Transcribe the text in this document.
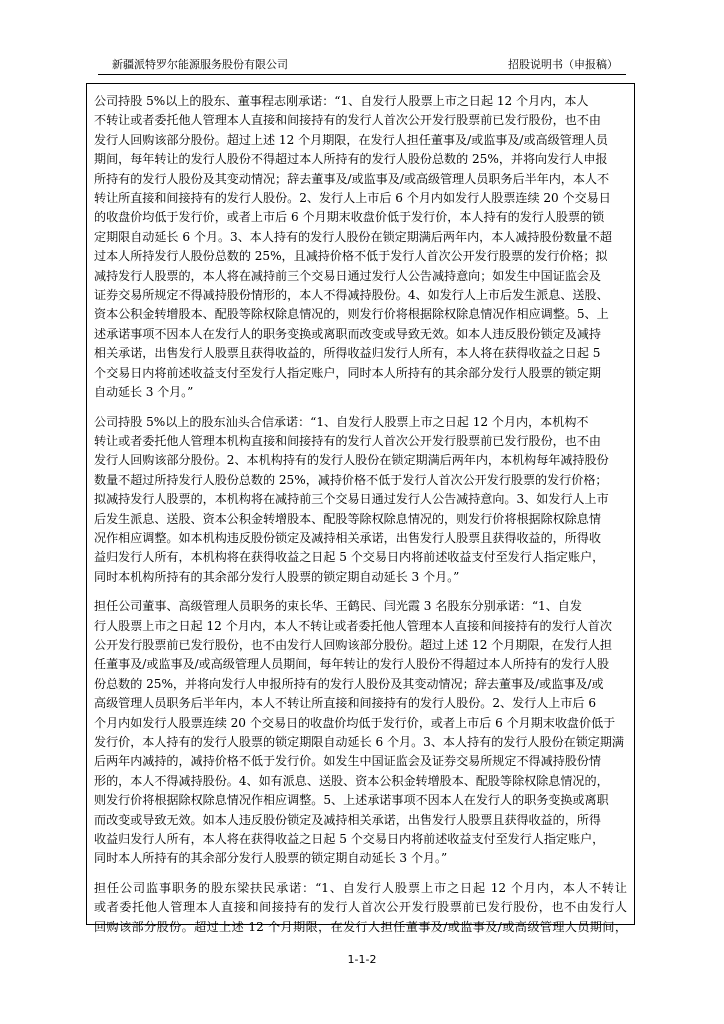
新疆派特罗尔能源服务股份有限公司	招股说明书（申报稿）
公司持股 5%以上的股东、董事程志刚承诺：“1、自发行人股票上市之日起 12 个月内，本人
不转让或者委托他人管理本人直接和间接持有的发行人首次公开发行股票前已发行股份，也不由
发行人回购该部分股份。超过上述 12 个月期限，在发行人担任董事及/或监事及/或高级管理人员
期间，每年转让的发行人股份不得超过本人所持有的发行人股份总数的 25%，并将向发行人申报
所持有的发行人股份及其变动情况；辞去董事及/或监事及/或高级管理人员职务后半年内，本人不
转让所直接和间接持有的发行人股份。2、发行人上市后 6 个月内如发行人股票连续 20 个交易日
的收盘价均低于发行价，或者上市后 6 个月期末收盘价低于发行价，本人持有的发行人股票的锁
定期限自动延长 6 个月。3、本人持有的发行人股份在锁定期满后两年内，本人减持股份数量不超
过本人所持发行人股份总数的 25%，且减持价格不低于发行人首次公开发行股票的发行价格；拟
减持发行人股票的，本人将在减持前三个交易日通过发行人公告减持意向；如发生中国证监会及
证券交易所规定不得减持股份情形的，本人不得减持股份。4、如发行人上市后发生派息、送股、
资本公积金转增股本、配股等除权除息情况的，则发行价将根据除权除息情况作相应调整。5、上
述承诺事项不因本人在发行人的职务变换或离职而改变或导致无效。如本人违反股份锁定及减持
相关承诺，出售发行人股票且获得收益的，所得收益归发行人所有，本人将在获得收益之日起 5
个交易日内将前述收益支付至发行人指定账户，同时本人所持有的其余部分发行人股票的锁定期
自动延长 3 个月。”
公司持股 5%以上的股东汕头合信承诺：“1、自发行人股票上市之日起 12 个月内，本机构不
转让或者委托他人管理本机构直接和间接持有的发行人首次公开发行股票前已发行股份，也不由
发行人回购该部分股份。2、本机构持有的发行人股份在锁定期满后两年内，本机构每年减持股份
数量不超过所持发行人股份总数的 25%，减持价格不低于发行人首次公开发行股票的发行价格；
拟减持发行人股票的，本机构将在减持前三个交易日通过发行人公告减持意向。3、如发行人上市
后发生派息、送股、资本公积金转增股本、配股等除权除息情况的，则发行价将根据除权除息情
况作相应调整。如本机构违反股份锁定及减持相关承诺，出售发行人股票且获得收益的，所得收
益归发行人所有，本机构将在获得收益之日起 5 个交易日内将前述收益支付至发行人指定账户，
同时本机构所持有的其余部分发行人股票的锁定期自动延长 3 个月。”
担任公司董事、高级管理人员职务的束长华、王鹤民、闫光霞 3 名股东分别承诺：“1、自发
行人股票上市之日起 12 个月内，本人不转让或者委托他人管理本人直接和间接持有的发行人首次
公开发行股票前已发行股份，也不由发行人回购该部分股份。超过上述 12 个月期限，在发行人担
任董事及/或监事及/或高级管理人员期间，每年转让的发行人股份不得超过本人所持有的发行人股
份总数的 25%，并将向发行人申报所持有的发行人股份及其变动情况；辞去董事及/或监事及/或
高级管理人员职务后半年内，本人不转让所直接和间接持有的发行人股份。2、发行人上市后 6
个月内如发行人股票连续 20 个交易日的收盘价均低于发行价，或者上市后 6 个月期末收盘价低于
发行价，本人持有的发行人股票的锁定期限自动延长 6 个月。3、本人持有的发行人股份在锁定期满
后两年内减持的，减持价格不低于发行价。如发生中国证监会及证券交易所规定不得减持股份情
形的，本人不得减持股份。4、如有派息、送股、资本公积金转增股本、配股等除权除息情况的，
则发行价将根据除权除息情况作相应调整。5、上述承诺事项不因本人在发行人的职务变换或离职
而改变或导致无效。如本人违反股份锁定及减持相关承诺，出售发行人股票且获得收益的，所得
收益归发行人所有，本人将在获得收益之日起 5 个交易日内将前述收益支付至发行人指定账户，
同时本人所持有的其余部分发行人股票的锁定期自动延长 3 个月。”
担任公司监事职务的股东梁扶民承诺：“1、自发行人股票上市之日起 12 个月内，本人不转让
或者委托他人管理本人直接和间接持有的发行人首次公开发行股票前已发行股份，也不由发行人
回购该部分股份。超过上述 12 个月期限，在发行人担任董事及/或监事及/或高级管理人员期间，
1-1-2
